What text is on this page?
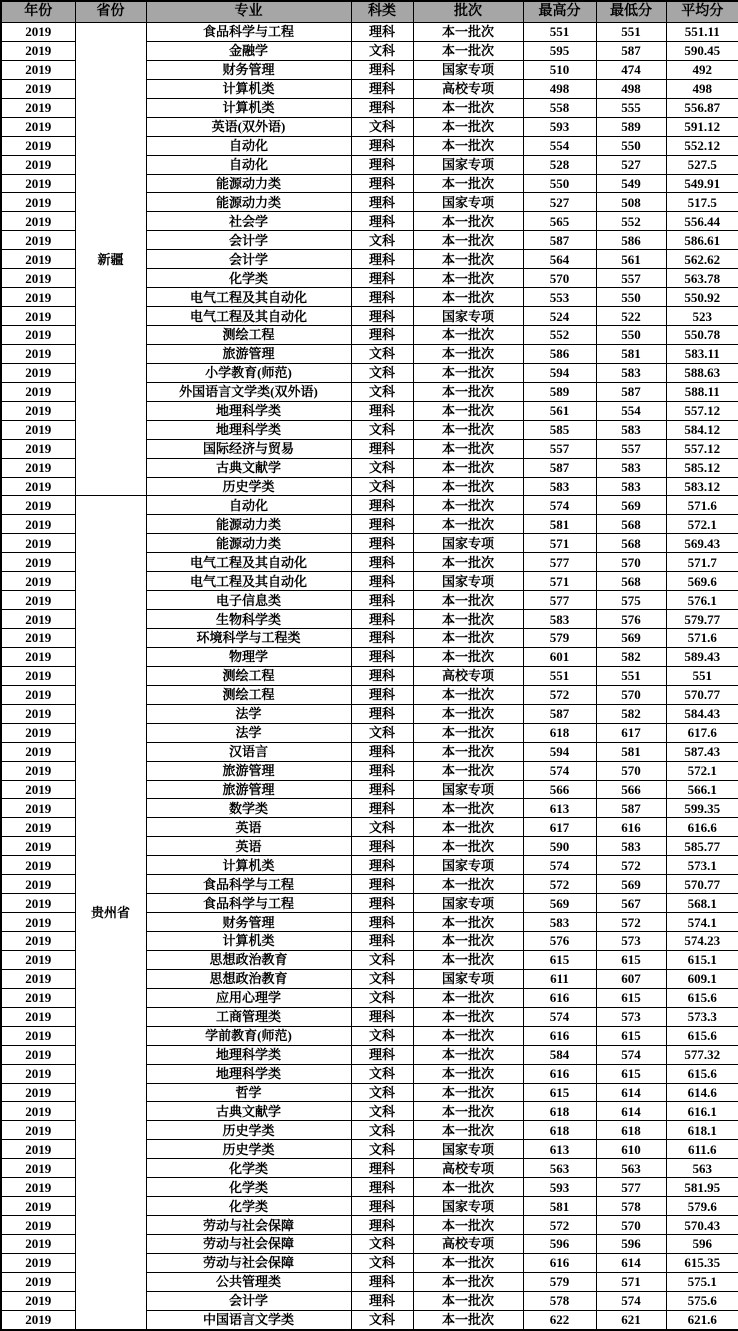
年份	省份	专业	科类	批次	最高分	最低分	平均分
2019	新疆	食品科学与工程	理科	本一批次	551	551	551.11
2019		金融学	文科	本一批次	595	587	590.45
2019		财务管理	理科	国家专项	510	474	492
2019		计算机类	理科	高校专项	498	498	498
2019		计算机类	理科	本一批次	558	555	556.87
2019		英语(双外语)	文科	本一批次	593	589	591.12
2019		自动化	理科	本一批次	554	550	552.12
2019		自动化	理科	国家专项	528	527	527.5
2019		能源动力类	理科	本一批次	550	549	549.91
2019		能源动力类	理科	国家专项	527	508	517.5
2019		社会学	理科	本一批次	565	552	556.44
2019		会计学	文科	本一批次	587	586	586.61
2019		会计学	理科	本一批次	564	561	562.62
2019		化学类	理科	本一批次	570	557	563.78
2019		电气工程及其自动化	理科	本一批次	553	550	550.92
2019		电气工程及其自动化	理科	国家专项	524	522	523
2019		测绘工程	理科	本一批次	552	550	550.78
2019		旅游管理	文科	本一批次	586	581	583.11
2019		小学教育(师范)	文科	本一批次	594	583	588.63
2019		外国语言文学类(双外语)	文科	本一批次	589	587	588.11
2019		地理科学类	理科	本一批次	561	554	557.12
2019		地理科学类	文科	本一批次	585	583	584.12
2019		国际经济与贸易	理科	本一批次	557	557	557.12
2019		古典文献学	文科	本一批次	587	583	585.12
2019		历史学类	文科	本一批次	583	583	583.12
2019	贵州省	自动化	理科	本一批次	574	569	571.6
2019		能源动力类	理科	本一批次	581	568	572.1
2019		能源动力类	理科	国家专项	571	568	569.43
2019		电气工程及其自动化	理科	本一批次	577	570	571.7
2019		电气工程及其自动化	理科	国家专项	571	568	569.6
2019		电子信息类	理科	本一批次	577	575	576.1
2019		生物科学类	理科	本一批次	583	576	579.77
2019		环境科学与工程类	理科	本一批次	579	569	571.6
2019		物理学	理科	本一批次	601	582	589.43
2019		测绘工程	理科	高校专项	551	551	551
2019		测绘工程	理科	本一批次	572	570	570.77
2019		法学	理科	本一批次	587	582	584.43
2019		法学	文科	本一批次	618	617	617.6
2019		汉语言	理科	本一批次	594	581	587.43
2019		旅游管理	理科	本一批次	574	570	572.1
2019		旅游管理	理科	国家专项	566	566	566.1
2019		数学类	理科	本一批次	613	587	599.35
2019		英语	文科	本一批次	617	616	616.6
2019		英语	理科	本一批次	590	583	585.77
2019		计算机类	理科	国家专项	574	572	573.1
2019		食品科学与工程	理科	本一批次	572	569	570.77
2019		食品科学与工程	理科	国家专项	569	567	568.1
2019		财务管理	理科	本一批次	583	572	574.1
2019		计算机类	理科	本一批次	576	573	574.23
2019		思想政治教育	文科	本一批次	615	615	615.1
2019		思想政治教育	文科	国家专项	611	607	609.1
2019		应用心理学	文科	本一批次	616	615	615.6
2019		工商管理类	理科	本一批次	574	573	573.3
2019		学前教育(师范)	文科	本一批次	616	615	615.6
2019		地理科学类	理科	本一批次	584	574	577.32
2019		地理科学类	文科	本一批次	616	615	615.6
2019		哲学	文科	本一批次	615	614	614.6
2019		古典文献学	文科	本一批次	618	614	616.1
2019		历史学类	文科	本一批次	618	618	618.1
2019		历史学类	文科	国家专项	613	610	611.6
2019		化学类	理科	高校专项	563	563	563
2019		化学类	理科	本一批次	593	577	581.95
2019		化学类	理科	国家专项	581	578	579.6
2019		劳动与社会保障	理科	本一批次	572	570	570.43
2019		劳动与社会保障	文科	高校专项	596	596	596
2019		劳动与社会保障	文科	本一批次	616	614	615.35
2019		公共管理类	理科	本一批次	579	571	575.1
2019		会计学	理科	本一批次	578	574	575.6
2019		中国语言文学类	文科	本一批次	622	621	621.6
